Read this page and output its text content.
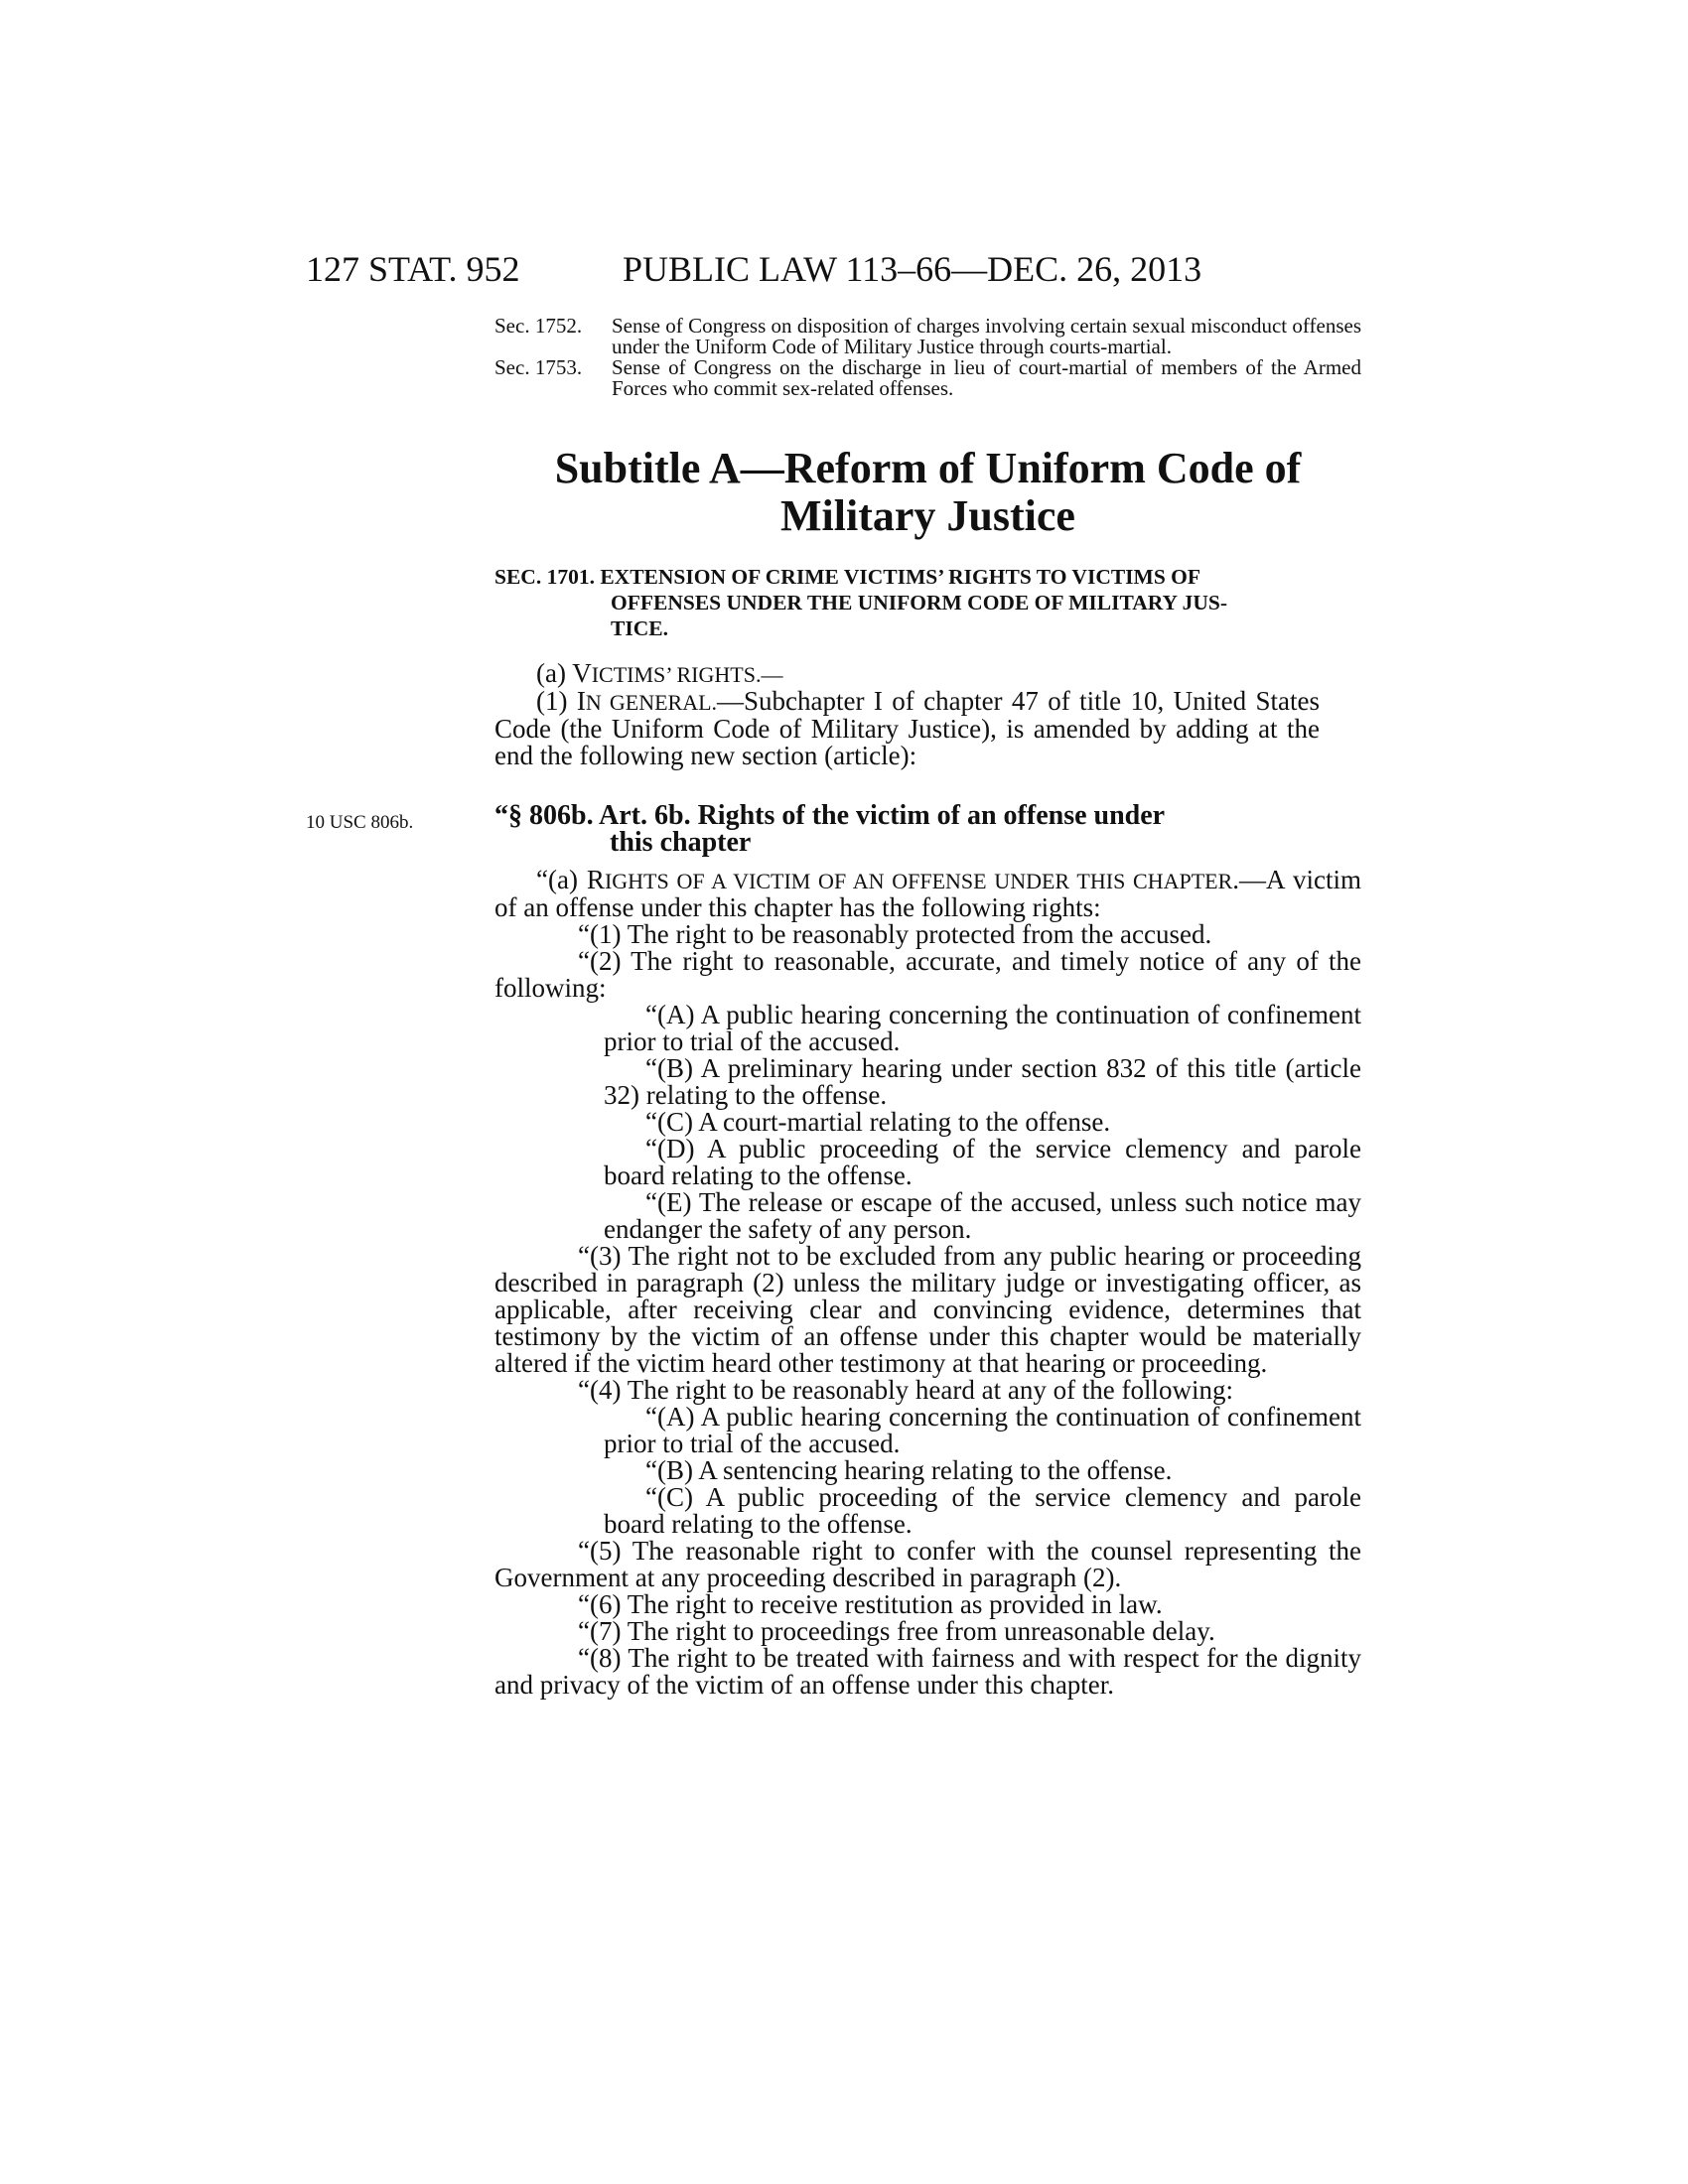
127 STAT. 952	PUBLIC LAW 113–66—DEC. 26, 2013
Sec. 1752.	Sense of Congress on disposition of charges involving certain sexual misconduct offenses under the Uniform Code of Military Justice through courts-martial.
Sec. 1753.	Sense of Congress on the discharge in lieu of court-martial of members of the Armed Forces who commit sex-related offenses.
Subtitle A—Reform of Uniform Code of
Military Justice
SEC. 1701. EXTENSION OF CRIME VICTIMS’ RIGHTS TO VICTIMS OF
OFFENSES UNDER THE UNIFORM CODE OF MILITARY JUS-
TICE.

(a) VICTIMS’ RIGHTS.—

(1) IN GENERAL.—Subchapter I of chapter 47 of title 10, United States Code (the Uniform Code of Military Justice), is amended by adding at the end the following new section (article):

10 USC 806b.	“§ 806b. Art. 6b. Rights of the victim of an offense under
this chapter

“(a) RIGHTS OF A VICTIM OF AN OFFENSE UNDER THIS CHAPTER.—A victim of an offense under this chapter has the following rights:

“(1) The right to be reasonably protected from the accused.

“(2) The right to reasonable, accurate, and timely notice of any of the following:

“(A) A public hearing concerning the continuation of confinement prior to trial of the accused.

“(B) A preliminary hearing under section 832 of this title (article 32) relating to the offense.

“(C) A court-martial relating to the offense.

“(D) A public proceeding of the service clemency and parole board relating to the offense.

“(E) The release or escape of the accused, unless such notice may endanger the safety of any person.

“(3) The right not to be excluded from any public hearing or proceeding described in paragraph (2) unless the military judge or investigating officer, as applicable, after receiving clear and convincing evidence, determines that testimony by the victim of an offense under this chapter would be materially altered if the victim heard other testimony at that hearing or proceeding.

“(4) The right to be reasonably heard at any of the following:

“(A) A public hearing concerning the continuation of confinement prior to trial of the accused.

“(B) A sentencing hearing relating to the offense.

“(C) A public proceeding of the service clemency and parole board relating to the offense.

“(5) The reasonable right to confer with the counsel representing the Government at any proceeding described in paragraph (2).

“(6) The right to receive restitution as provided in law.

“(7) The right to proceedings free from unreasonable delay.

“(8) The right to be treated with fairness and with respect for the dignity and privacy of the victim of an offense under this chapter.
